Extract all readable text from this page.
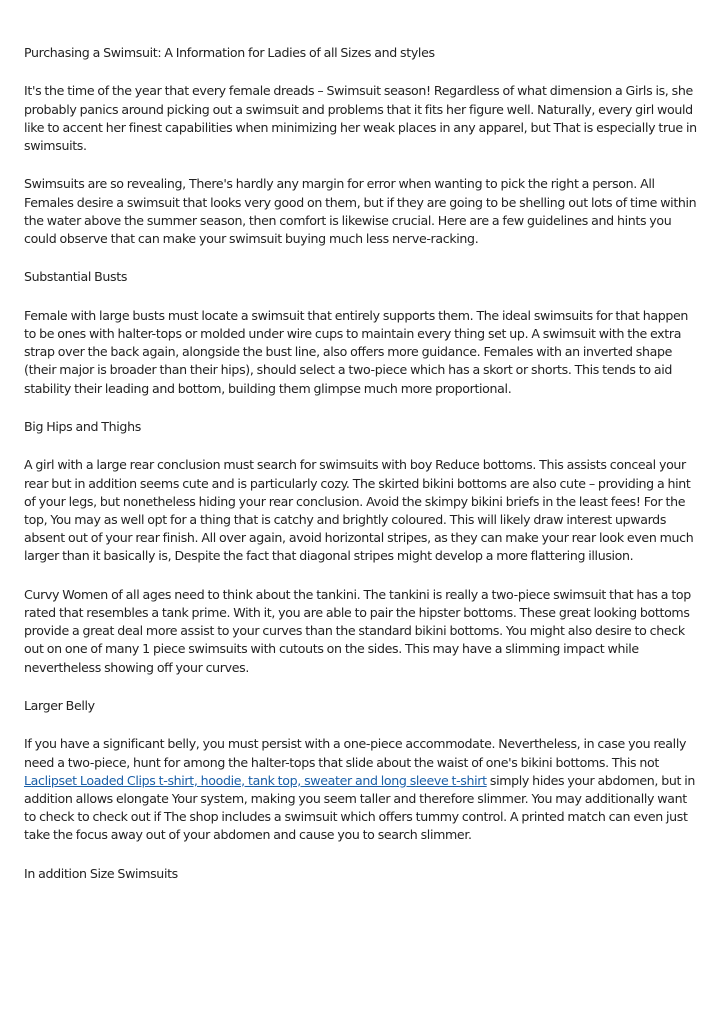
Purchasing a Swimsuit: A Information for Ladies of all Sizes and styles

It's the time of the year that every female dreads – Swimsuit season! Regardless of what dimension a Girls is, she probably panics around picking out a swimsuit and problems that it fits her figure well. Naturally, every girl would like to accent her finest capabilities when minimizing her weak places in any apparel, but That is especially true in swimsuits.

Swimsuits are so revealing, There's hardly any margin for error when wanting to pick the right a person. All Females desire a swimsuit that looks very good on them, but if they are going to be shelling out lots of time within the water above the summer season, then comfort is likewise crucial. Here are a few guidelines and hints you could observe that can make your swimsuit buying much less nerve-racking.

Substantial Busts

Female with large busts must locate a swimsuit that entirely supports them. The ideal swimsuits for that happen to be ones with halter-tops or molded under wire cups to maintain every thing set up. A swimsuit with the extra strap over the back again, alongside the bust line, also offers more guidance. Females with an inverted shape (their major is broader than their hips), should select a two-piece which has a skort or shorts. This tends to aid stability their leading and bottom, building them glimpse much more proportional.

Big Hips and Thighs

A girl with a large rear conclusion must search for swimsuits with boy Reduce bottoms. This assists conceal your rear but in addition seems cute and is particularly cozy. The skirted bikini bottoms are also cute – providing a hint of your legs, but nonetheless hiding your rear conclusion. Avoid the skimpy bikini briefs in the least fees! For the top, You may as well opt for a thing that is catchy and brightly coloured. This will likely draw interest upwards absent out of your rear finish. All over again, avoid horizontal stripes, as they can make your rear look even much larger than it basically is, Despite the fact that diagonal stripes might develop a more flattering illusion.

Curvy Women of all ages need to think about the tankini. The tankini is really a two-piece swimsuit that has a top rated that resembles a tank prime. With it, you are able to pair the hipster bottoms. These great looking bottoms provide a great deal more assist to your curves than the standard bikini bottoms. You might also desire to check out on one of many 1 piece swimsuits with cutouts on the sides. This may have a slimming impact while nevertheless showing off your curves.

Larger Belly

If you have a significant belly, you must persist with a one-piece accommodate. Nevertheless, in case you really need a two-piece, hunt for among the halter-tops that slide about the waist of one's bikini bottoms. This not Laclipset Loaded Clips t-shirt, hoodie, tank top, sweater and long sleeve t-shirt simply hides your abdomen, but in addition allows elongate Your system, making you seem taller and therefore slimmer. You may additionally want to check to check out if The shop includes a swimsuit which offers tummy control. A printed match can even just take the focus away out of your abdomen and cause you to search slimmer.

In addition Size Swimsuits
